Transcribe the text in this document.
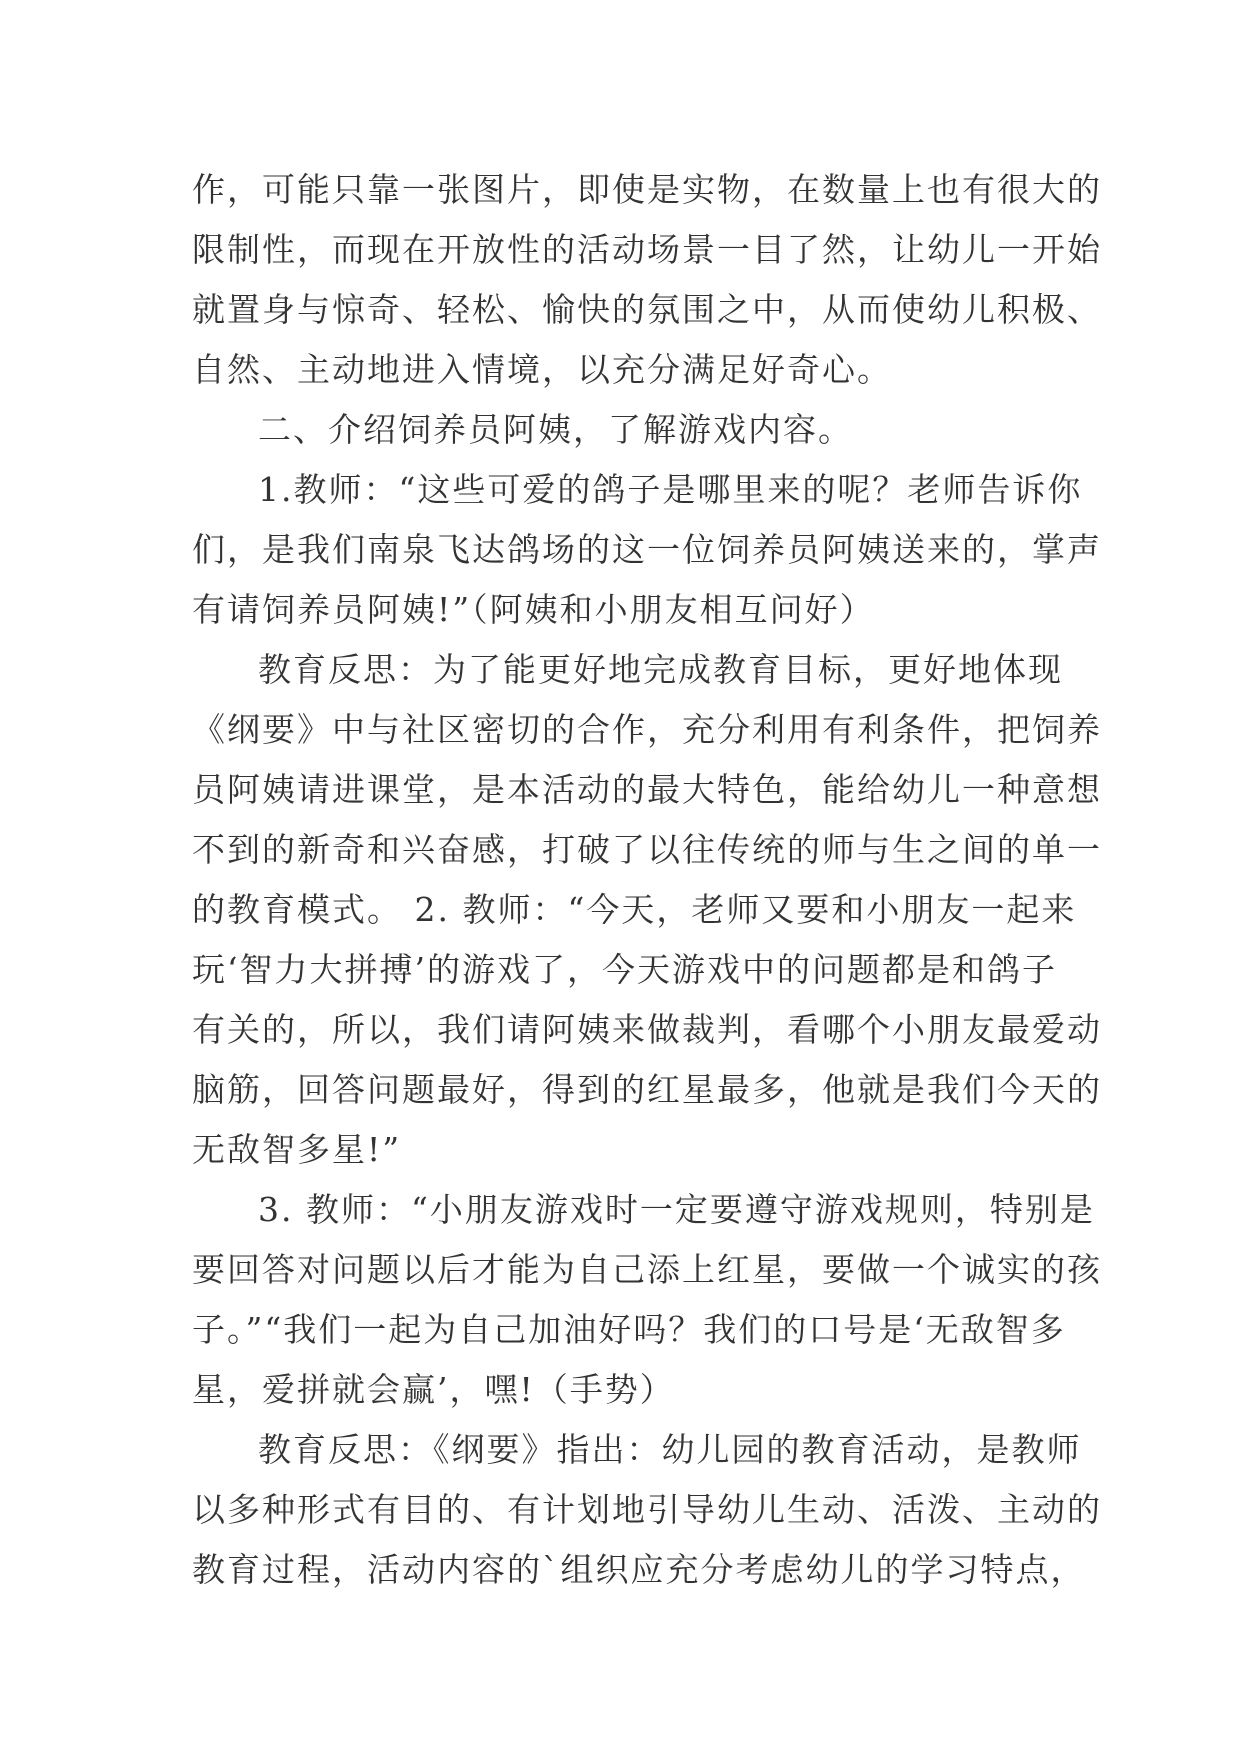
作，可能只靠一张图片，即使是实物，在数量上也有很大的
限制性，而现在开放性的活动场景一目了然，让幼儿一开始
就置身与惊奇、轻松、愉快的氛围之中，从而使幼儿积极、
自然、主动地进入情境，以充分满足好奇心。
二、介绍饲养员阿姨，了解游戏内容。
1.教师：“这些可爱的鸽子是哪里来的呢？老师告诉你
们，是我们南泉飞达鸽场的这一位饲养员阿姨送来的，掌声
有请饲养员阿姨!”（阿姨和小朋友相互问好）
教育反思：为了能更好地完成教育目标，更好地体现
《纲要》中与社区密切的合作，充分利用有利条件，把饲养
员阿姨请进课堂，是本活动的最大特色，能给幼儿一种意想
不到的新奇和兴奋感，打破了以往传统的师与生之间的单一
的教育模式。 2. 教师：“今天，老师又要和小朋友一起来
玩‘智力大拼搏’的游戏了，今天游戏中的问题都是和鸽子
有关的，所以，我们请阿姨来做裁判，看哪个小朋友最爱动
脑筋，回答问题最好，得到的红星最多，他就是我们今天的
无敌智多星!”
3. 教师：“小朋友游戏时一定要遵守游戏规则，特别是
要回答对问题以后才能为自己添上红星，要做一个诚实的孩
子。”“我们一起为自己加油好吗？我们的口号是‘无敌智多
星，爱拼就会赢’，嘿!（手势）
教育反思：《纲要》指出：幼儿园的教育活动，是教师
以多种形式有目的、有计划地引导幼儿生动、活泼、主动的
教育过程，活动内容的`组织应充分考虑幼儿的学习特点，
